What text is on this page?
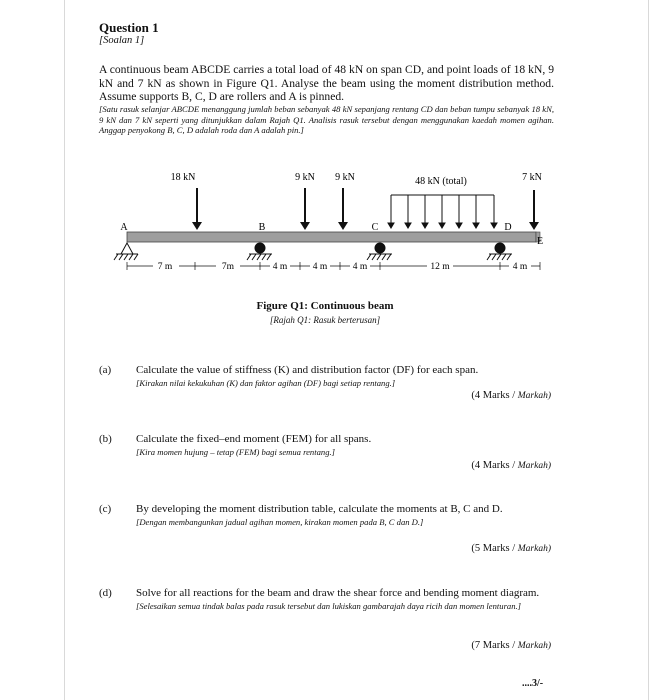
Question 1
[Soalan 1]
A continuous beam ABCDE carries a total load of 48 kN on span CD, and point loads of 18 kN, 9 kN and 7 kN as shown in Figure Q1. Analyse the beam using the moment distribution method. Assume supports B, C, D are rollers and A is pinned.
[Satu rasuk selanjar ABCDE menanggung jumlah beban sebanyak 48 kN sepanjang rentang CD dan beban tumpu sebanyak 18 kN, 9 kN dan 7 kN seperti yang ditunjukkan dalam Rajah Q1. Analisis rasuk tersebut dengan menggunakan kaedah momen agihan. Anggap penyokong B, C, D adalah roda dan A adalah pin.]
18 kN	9 kN 9 kN	48 kN (total)	7 kN
A	B	C	D
E
7 m	7m	4 m	4 m	4 m	12 m	4 m
Figure Q1: Continuous beam
[Rajah Q1: Rasuk berterusan]
(a) Calculate the value of stiffness (K) and distribution factor (DF) for each span.
[Kirakan nilai kekukuhan (K) dan faktor agihan (DF) bagi setiap rentang.]
(4 Marks / Markah)
(b) Calculate the fixed–end moment (FEM) for all spans.
[Kira momen hujung – tetap (FEM) bagi semua rentang.]
(4 Marks / Markah)
(c) By developing the moment distribution table, calculate the moments at B, C and D.
[Dengan membangunkan jadual agihan momen, kirakan momen pada B, C dan D.]
(5 Marks / Markah)
(d) Solve for all reactions for the beam and draw the shear force and bending moment diagram.
[Selesaikan semua tindak balas pada rasuk tersebut dan lukiskan gambarajah daya ricih dan momen lenturan.]
(7 Marks / Markah)
....3/-
